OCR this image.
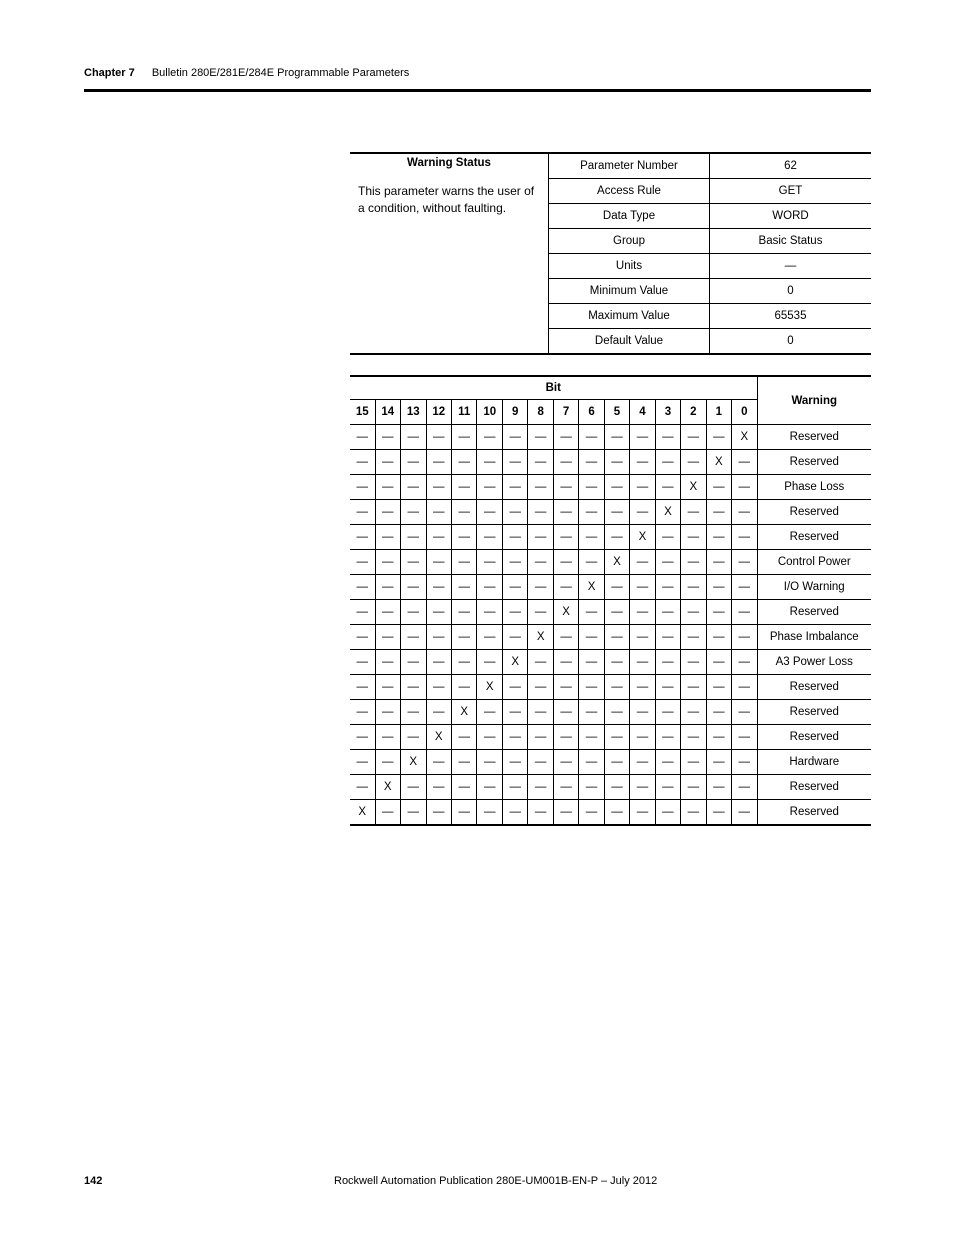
Chapter 7 Bulletin 280E/281E/284E Programmable Parameters
Warning Status
This parameter warns the user of a condition, without faulting.	Parameter Number	62
	Access Rule	GET
	Data Type	WORD
	Group	Basic Status
	Units	—
	Minimum Value	0
	Maximum Value	65535
	Default Value	0
Bit																Warning
15	14	13	12	11	10	9	8	7	6	5	4	3	2	1	0	
—	—	—	—	—	—	—	—	—	—	—	—	—	—	—	X	Reserved
—	—	—	—	—	—	—	—	—	—	—	—	—	—	X	—	Reserved
—	—	—	—	—	—	—	—	—	—	—	—	—	X	—	—	Phase Loss
—	—	—	—	—	—	—	—	—	—	—	—	X	—	—	—	Reserved
—	—	—	—	—	—	—	—	—	—	—	X	—	—	—	—	Reserved
—	—	—	—	—	—	—	—	—	—	X	—	—	—	—	—	Control Power
—	—	—	—	—	—	—	—	—	X	—	—	—	—	—	—	I/O Warning
—	—	—	—	—	—	—	—	X	—	—	—	—	—	—	—	Reserved
—	—	—	—	—	—	—	X	—	—	—	—	—	—	—	—	Phase Imbalance
—	—	—	—	—	—	X	—	—	—	—	—	—	—	—	—	A3 Power Loss
—	—	—	—	—	X	—	—	—	—	—	—	—	—	—	—	Reserved
—	—	—	—	X	—	—	—	—	—	—	—	—	—	—	—	Reserved
—	—	—	X	—	—	—	—	—	—	—	—	—	—	—	—	Reserved
—	—	X	—	—	—	—	—	—	—	—	—	—	—	—	—	Hardware
—	X	—	—	—	—	—	—	—	—	—	—	—	—	—	—	Reserved
X	—	—	—	—	—	—	—	—	—	—	—	—	—	—	—	Reserved
142	Rockwell Automation Publication 280E-UM001B-EN-P – July 2012
